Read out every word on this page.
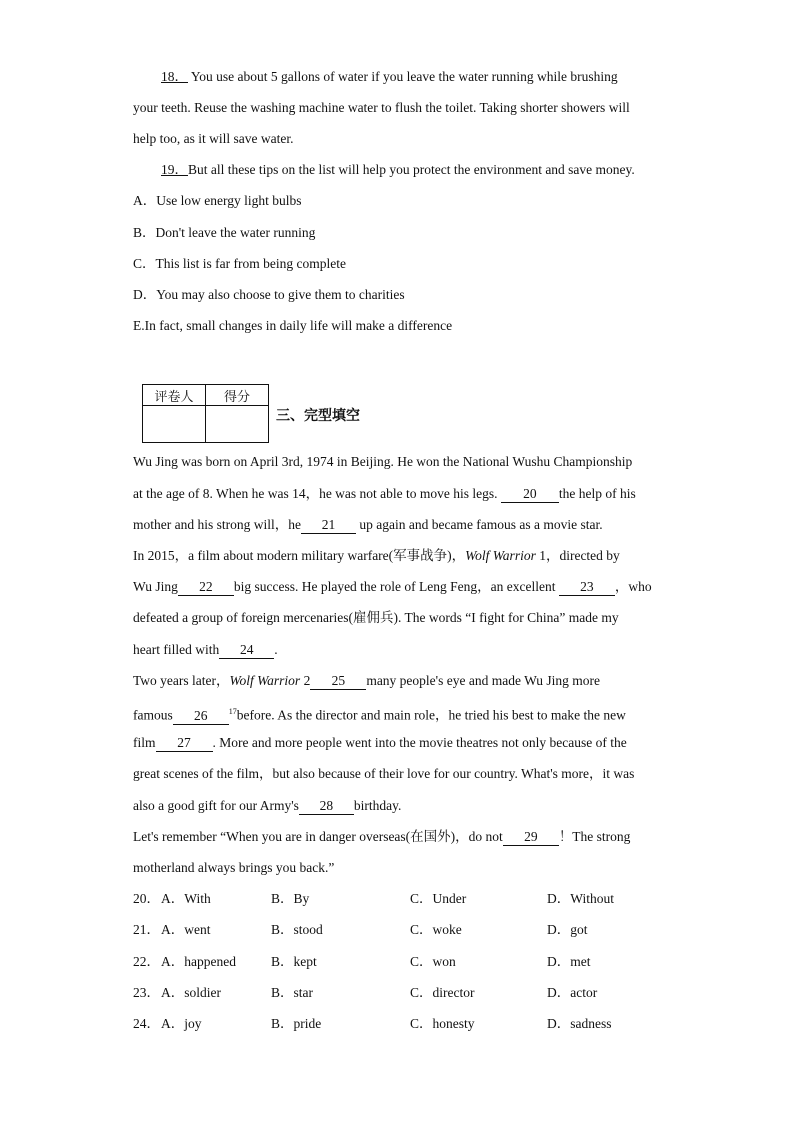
18． You use about 5 gallons of water if you leave the water running while brushing
your teeth. Reuse the washing machine water to flush the toilet. Taking shorter showers will
help too, as it will save water.
19．But all these tips on the list will help you protect the environment and save money.
A．Use low energy light bulbs
B．Don't leave the water running
C．This list is far from being complete
D．You may also choose to give them to charities
E.In fact, small changes in daily life will make a difference
评卷人	得分

三、完型填空
Wu Jing was born on April 3rd, 1974 in Beijing. He won the National Wushu Championship
at the age of 8. When he was 14，he was not able to move his legs. 20 the help of his
mother and his strong will，he 21 up again and became famous as a movie star.
In 2015，a film about modern military warfare(军事战争)，Wolf Warrior 1，directed by
Wu Jing 22 big success. He played the role of Leng Feng，an excellent 23 ，who
defeated a group of foreign mercenaries(雇佣兵). The words “I fight for China” made my
heart filled with 24 .
Two years later，Wolf Warrior 2 25 many people's eye and made Wu Jing more
famous 26	$^{17}$before. As the director and main role，he tried his best to make the new
film 27 . More and more people went into the movie theatres not only because of the
great scenes of the film，but also because of their love for our country. What's more，it was
also a good gift for our Army's 28 birthday.
Let's remember “When you are in danger overseas(在国外)，do not 29 ！The strong
motherland always brings you back.”
20． A．With	B．By	C．Under	D．Without
21． A．went	B．stood	C．woke	D．got
22． A．happened	B．kept	C．won	D．met
23． A．soldier	B．star	C．director	D．actor
24． A．joy	B．pride	C．honesty	D．sadness
